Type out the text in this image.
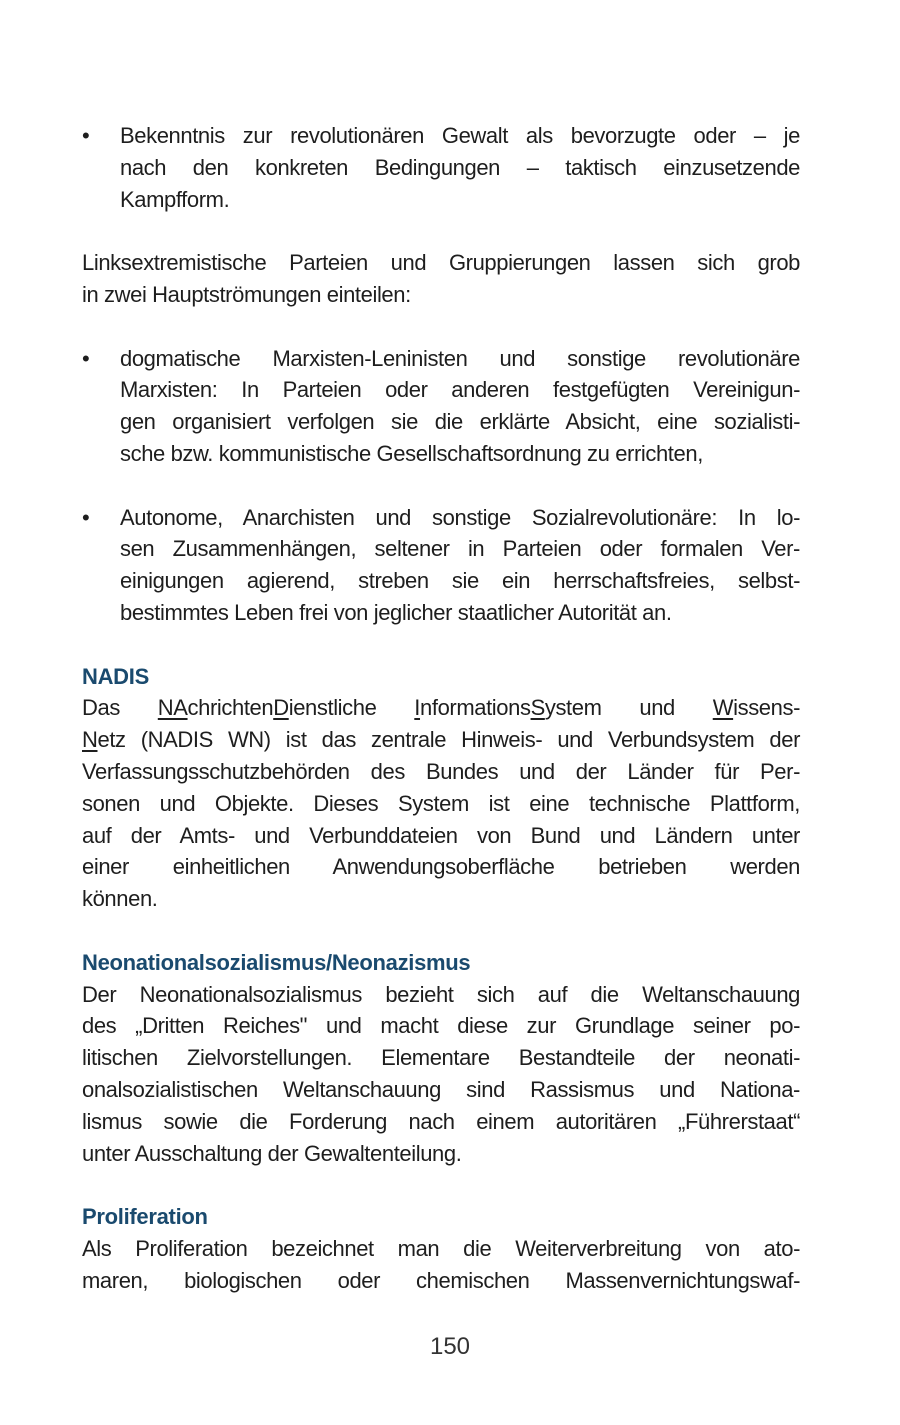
• Bekenntnis zur revolutionären Gewalt als bevorzugte oder – je
nach den konkreten Bedingungen – taktisch einzusetzende
Kampfform.
Linksextremistische Parteien und Gruppierungen lassen sich grob
in zwei Hauptströmungen einteilen:
• dogmatische Marxisten-Leninisten und sonstige revolutionäre
Marxisten: In Parteien oder anderen festgefügten Vereinigun-
gen organisiert verfolgen sie die erklärte Absicht, eine sozialisti-
sche bzw. kommunistische Gesellschaftsordnung zu errichten,
• Autonome, Anarchisten und sonstige Sozialrevolutionäre: In lo-
sen Zusammenhängen, seltener in Parteien oder formalen Ver-
einigungen agierend, streben sie ein herrschaftsfreies, selbst-
bestimmtes Leben frei von jeglicher staatlicher Autorität an.
NADIS
Das NAchrichtenDienstliche InformationsSystem und Wissens-
Netz (NADIS WN) ist das zentrale Hinweis- und Verbundsystem der
Verfassungsschutzbehörden des Bundes und der Länder für Per-
sonen und Objekte. Dieses System ist eine technische Plattform,
auf der Amts- und Verbunddateien von Bund und Ländern unter
einer einheitlichen Anwendungsoberfläche betrieben werden
können.
Neonationalsozialismus/Neonazismus
Der Neonationalsozialismus bezieht sich auf die Weltanschauung
des „Dritten Reiches" und macht diese zur Grundlage seiner po-
litischen Zielvorstellungen. Elementare Bestandteile der neonati-
onalsozialistischen Weltanschauung sind Rassismus und Nationa-
lismus sowie die Forderung nach einem autoritären „Führerstaat“
unter Ausschaltung der Gewaltenteilung.
Proliferation
Als Proliferation bezeichnet man die Weiterverbreitung von ato-
maren, biologischen oder chemischen Massenvernichtungswaf-
150
